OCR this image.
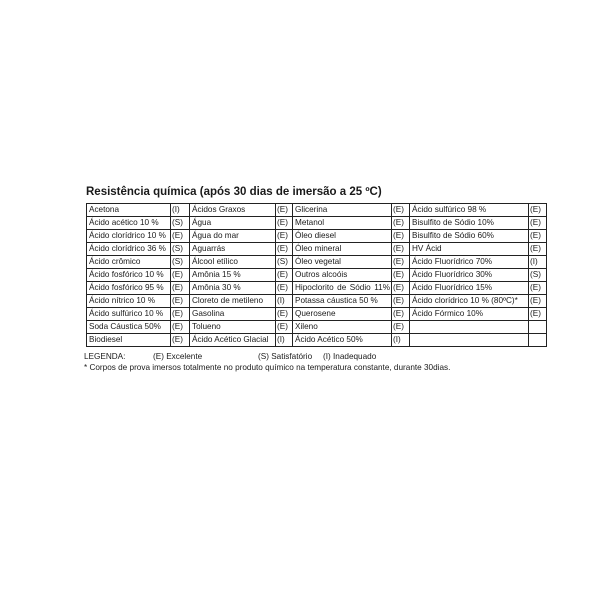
Resistência química (após 30 dias de imersão a 25 ºC)
Acetona	(I)	Ácidos Graxos	(E)	Glicerina	(E)	Ácido sulfúrico 98 %	(E)
Ácido acético 10 %	(S)	Água	(E)	Metanol	(E)	Bisulfito de Sódio 10%	(E)
Ácido clorídrico 10 %	(E)	Água do mar	(E)	Óleo diesel	(E)	Bisulfito de Sódio 60%	(E)
Ácido clorídrico 36 %	(S)	Aguarrás	(E)	Óleo mineral	(E)	HV Ácid	(E)
Ácido crômico	(S)	Álcool etílico	(S)	Óleo vegetal	(E)	Ácido Fluorídrico 70%	(I)
Ácido fosfórico 10 %	(E)	Amônia 15 %	(E)	Outros alcoóis	(E)	Ácido Fluorídrico 30%	(S)
Ácido fosfórico 95 %	(E)	Amônia 30 %	(E)	Hipoclorito de Sódio 11%	(E)	Ácido Fluorídrico 15%	(E)
Ácido nítrico 10 %	(E)	Cloreto de metileno	(I)	Potassa cáustica 50 %	(E)	Ácido clorídrico 10 % (80ºC)*	(E)
Ácido sulfúrico 10 %	(E)	Gasolina	(E)	Querosene	(E)	Ácido Fórmico 10%	(E)
Soda Cáustica 50%	(E)	Tolueno	(E)	Xileno	(E)		
Biodiesel	(E)	Ácido Acético Glacial	(I)	Ácido Acético 50%	(I)		
LEGENDA:	(E) Excelente	(S) Satisfatório (I) Inadequado
* Corpos de prova imersos totalmente no produto químico na temperatura constante, durante 30dias.
